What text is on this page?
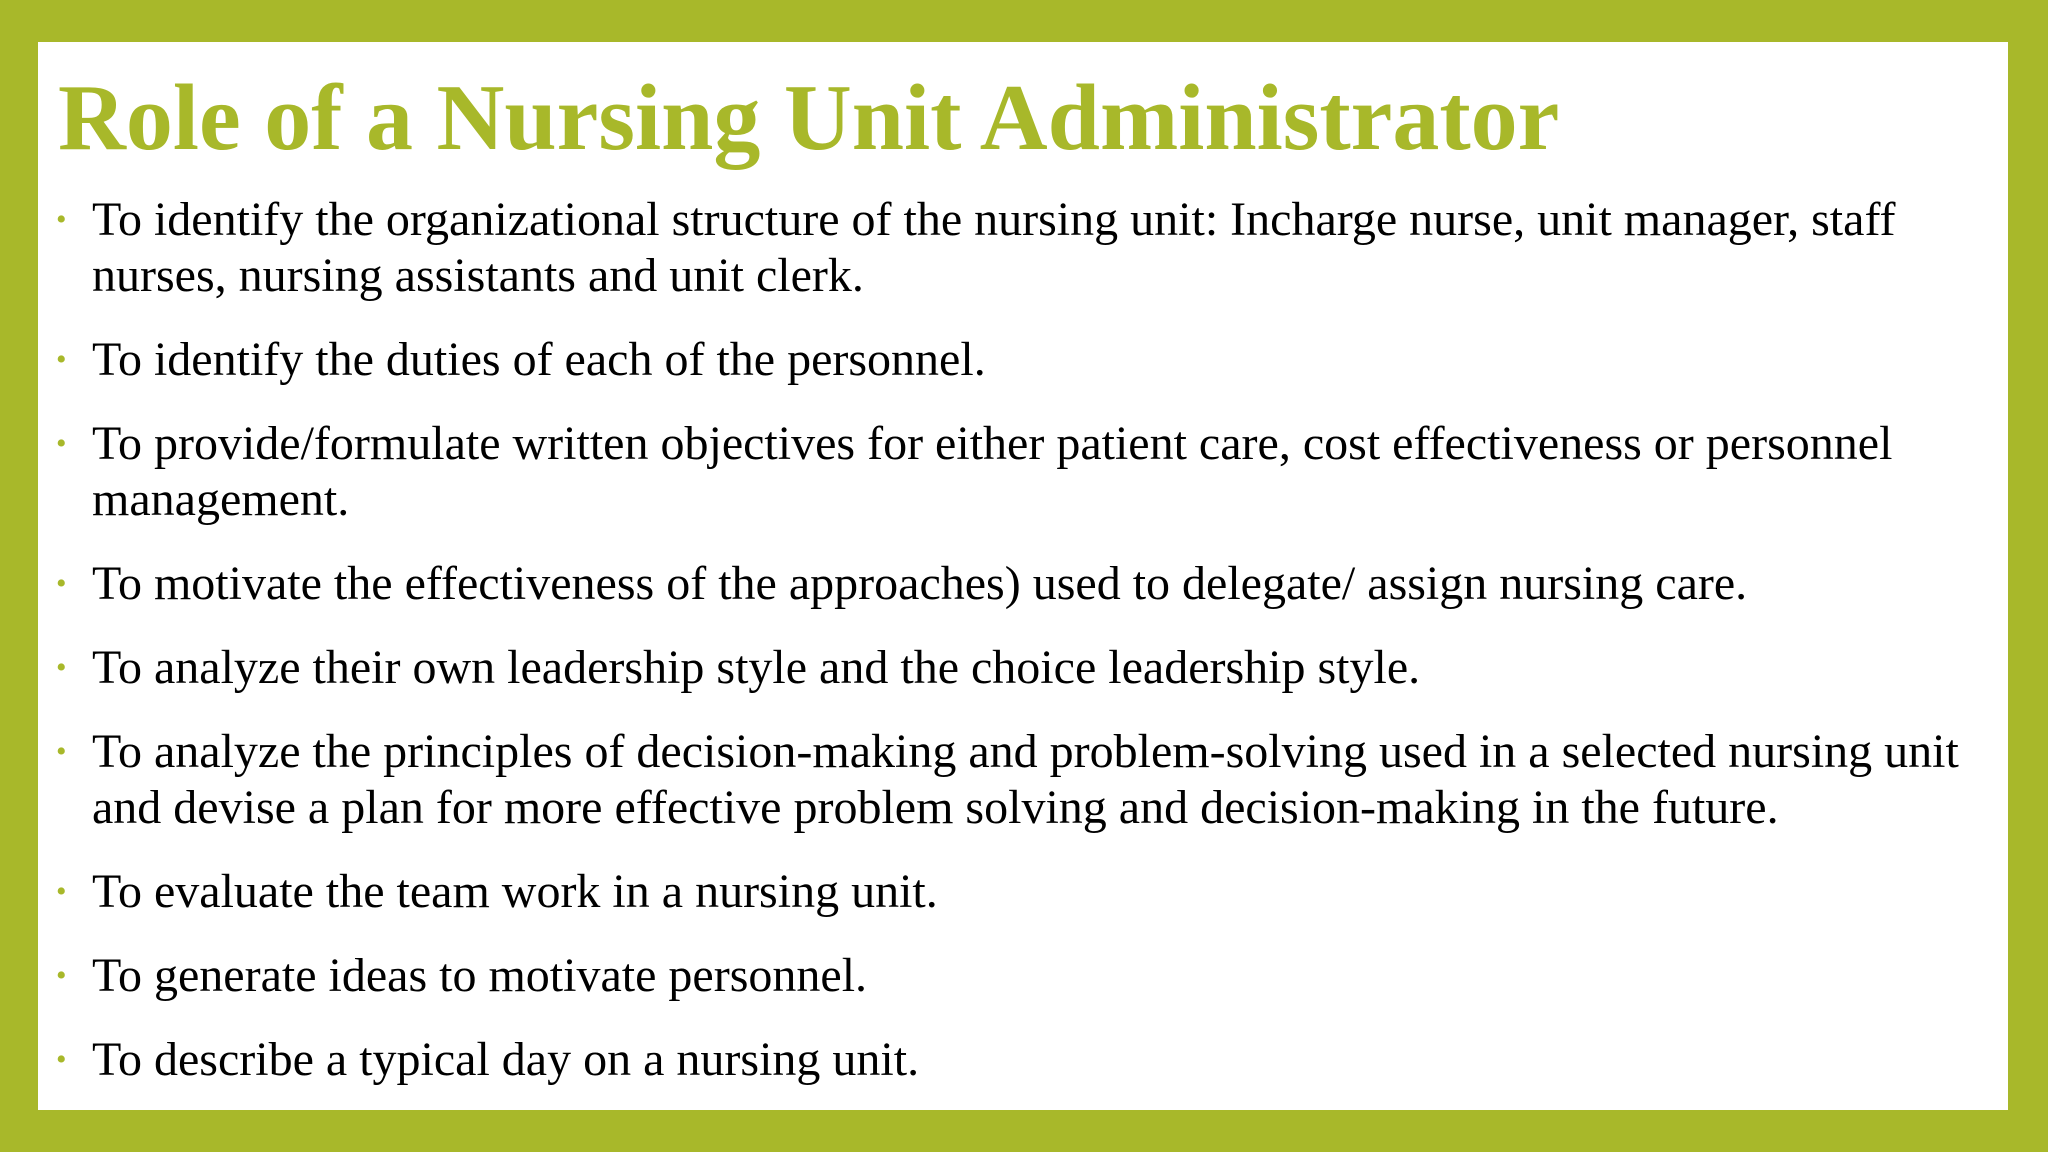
Role of a Nursing Unit Administrator
• To identify the organizational structure of the nursing unit: Incharge nurse, unit manager, staff nurses, nursing assistants and unit clerk.
• To identify the duties of each of the personnel.
• To provide/formulate written objectives for either patient care, cost effectiveness or personnel management.
• To motivate the effectiveness of the approaches) used to delegate/ assign nursing care.
• To analyze their own leadership style and the choice leadership style.
• To analyze the principles of decision-making and problem-solving used in a selected nursing unit and devise a plan for more effective problem solving and decision-making in the future.
• To evaluate the team work in a nursing unit.
• To generate ideas to motivate personnel.
• To describe a typical day on a nursing unit.
